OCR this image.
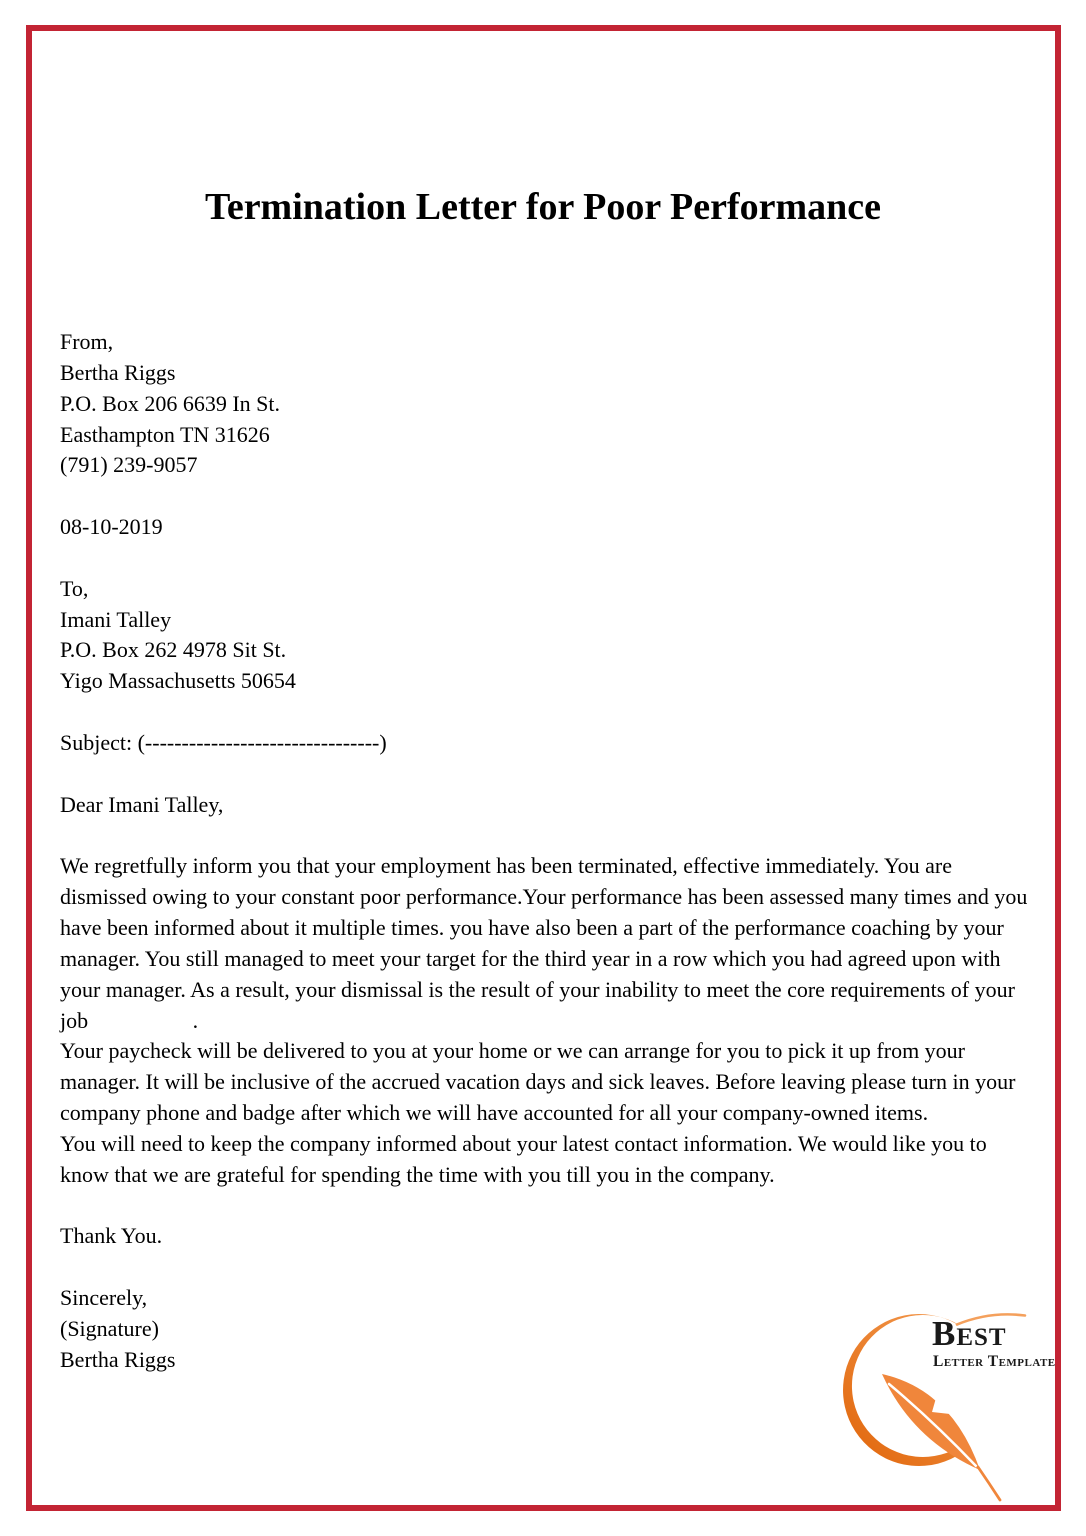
Termination Letter for Poor Performance
From,
Bertha Riggs
P.O. Box 206 6639 In St.
Easthampton TN 31626
(791) 239-9057
08-10-2019
To,
Imani Talley
P.O. Box 262 4978 Sit St.
Yigo Massachusetts 50654
Subject: (--------------------------------)
Dear Imani Talley,

We regretfully inform you that your employment has been terminated, effective immediately. You are dismissed owing to your constant poor performance.Your performance has been assessed many times and you have been informed about it multiple times. you have also been a part of the performance coaching by your manager. You still managed to meet your target for the third year in a row which you had agreed upon with your manager. As a result, your dismissal is the result of your inability to meet the core requirements of your job                   .

Your paycheck will be delivered to you at your home or we can arrange for you to pick it up from your manager. It will be inclusive of the accrued vacation days and sick leaves. Before leaving please turn in your company phone and badge after which we will have accounted for all your company-owned items.

You will need to keep the company informed about your latest contact information. We would like you to know that we are grateful for spending the time with you till you in the company.

Thank You.
Sincerely,
(Signature)
Bertha Riggs
Best
Letter Template
